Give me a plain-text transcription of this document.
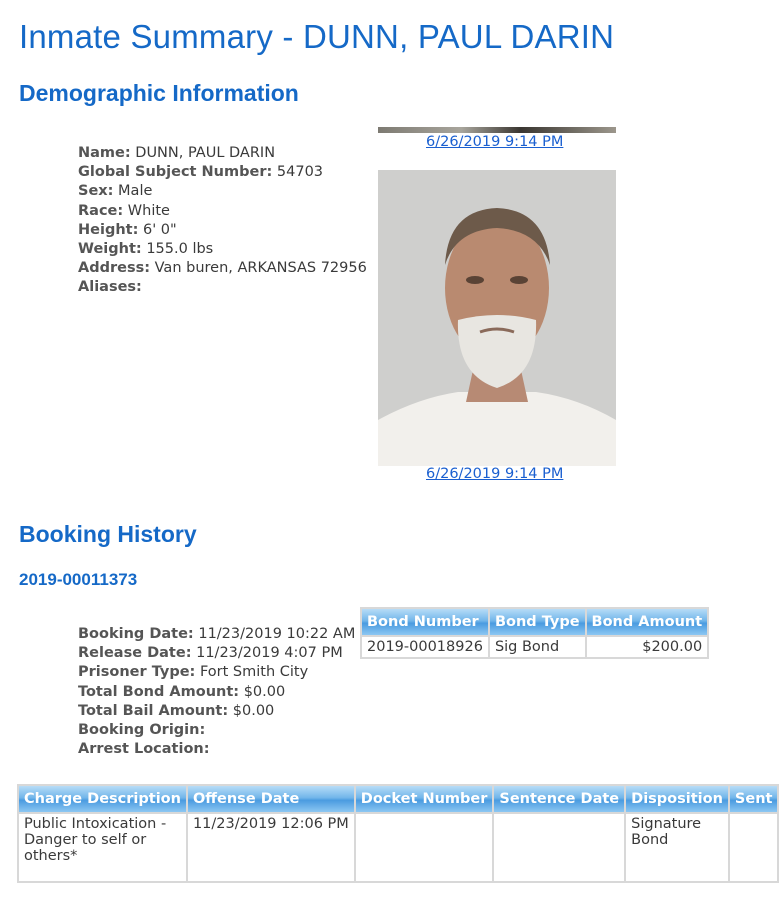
Inmate Summary - DUNN, PAUL DARIN
Demographic Information
Name: DUNN, PAUL DARIN
Global Subject Number: 54703
Sex: Male
Race: White
Height: 6' 0"
Weight: 155.0 lbs
Address: Van buren, ARKANSAS 72956
Aliases:
6/26/2019 9:14 PM
6/26/2019 9:14 PM
Booking History
2019-00011373
Booking Date: 11/23/2019 10:22 AM
Release Date: 11/23/2019 4:07 PM
Prisoner Type: Fort Smith City
Total Bond Amount: $0.00
Total Bail Amount: $0.00
Booking Origin:
Arrest Location:
Bond Number	Bond Type	Bond Amount
2019-00018926	Sig Bond	$200.00
Charge Description	Offense Date	Docket Number	Sentence Date	Disposition	Sent
Public Intoxication - Danger to self or others*	11/23/2019 12:06 PM			Signature Bond	
